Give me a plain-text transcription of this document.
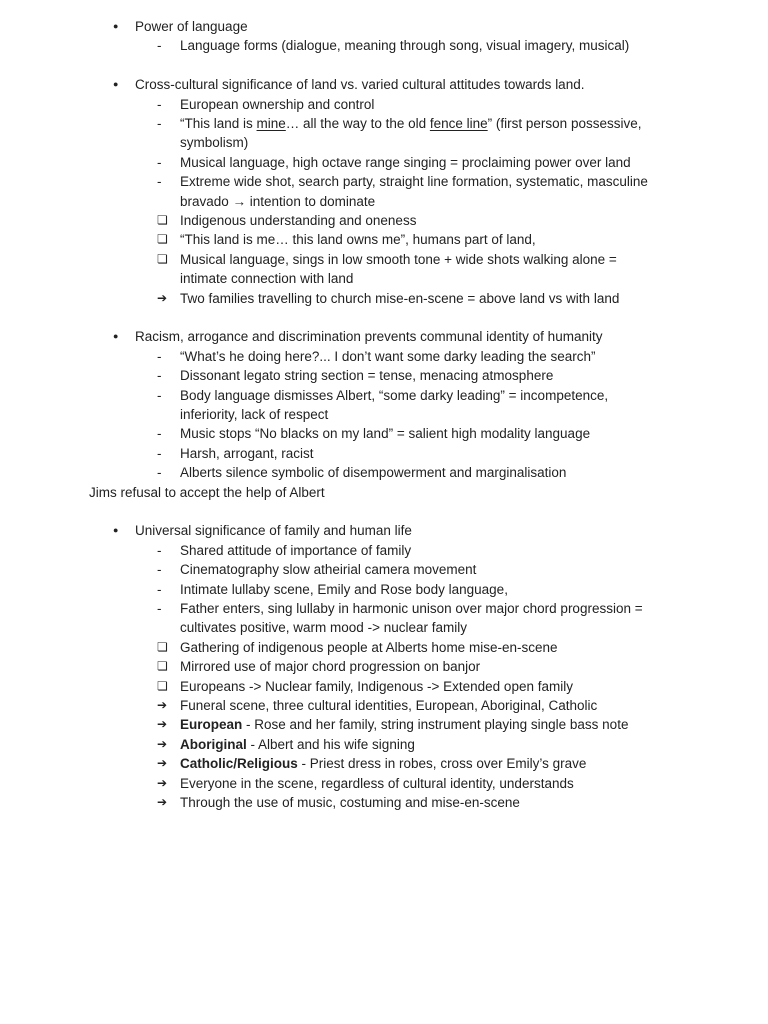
● Power of language
- Language forms (dialogue, meaning through song, visual imagery, musical)
● Cross-cultural significance of land vs. varied cultural attitudes towards land.
- European ownership and control
- “This land is mine… all the way to the old fence line” (first person possessive,
symbolism)
- Musical language, high octave range singing = proclaiming power over land
- Extreme wide shot, search party, straight line formation, systematic, masculine
bravado → intention to dominate
❏ Indigenous understanding and oneness
❏ “This land is me… this land owns me”, humans part of land,
❏ Musical language, sings in low smooth tone + wide shots walking alone =
intimate connection with land
➔ Two families travelling to church mise-en-scene = above land vs with land
● Racism, arrogance and discrimination prevents communal identity of humanity
- “What’s he doing here?... I don’t want some darky leading the search”
- Dissonant legato string section = tense, menacing atmosphere
- Body language dismisses Albert, “some darky leading” = incompetence,
inferiority, lack of respect
- Music stops “No blacks on my land” = salient high modality language
- Harsh, arrogant, racist
- Alberts silence symbolic of disempowerment and marginalisation
Jims refusal to accept the help of Albert
● Universal significance of family and human life
- Shared attitude of importance of family
- Cinematography slow atheirial camera movement
- Intimate lullaby scene, Emily and Rose body language,
- Father enters, sing lullaby in harmonic unison over major chord progression =
cultivates positive, warm mood -> nuclear family
❏ Gathering of indigenous people at Alberts home mise-en-scene
❏ Mirrored use of major chord progression on banjor
❏ Europeans -> Nuclear family, Indigenous -> Extended open family
➔ Funeral scene, three cultural identities, European, Aboriginal, Catholic
➔ European - Rose and her family, string instrument playing single bass note
➔ Aboriginal - Albert and his wife signing
➔ Catholic/Religious - Priest dress in robes, cross over Emily’s grave
➔ Everyone in the scene, regardless of cultural identity, understands
➔ Through the use of music, costuming and mise-en-scene
